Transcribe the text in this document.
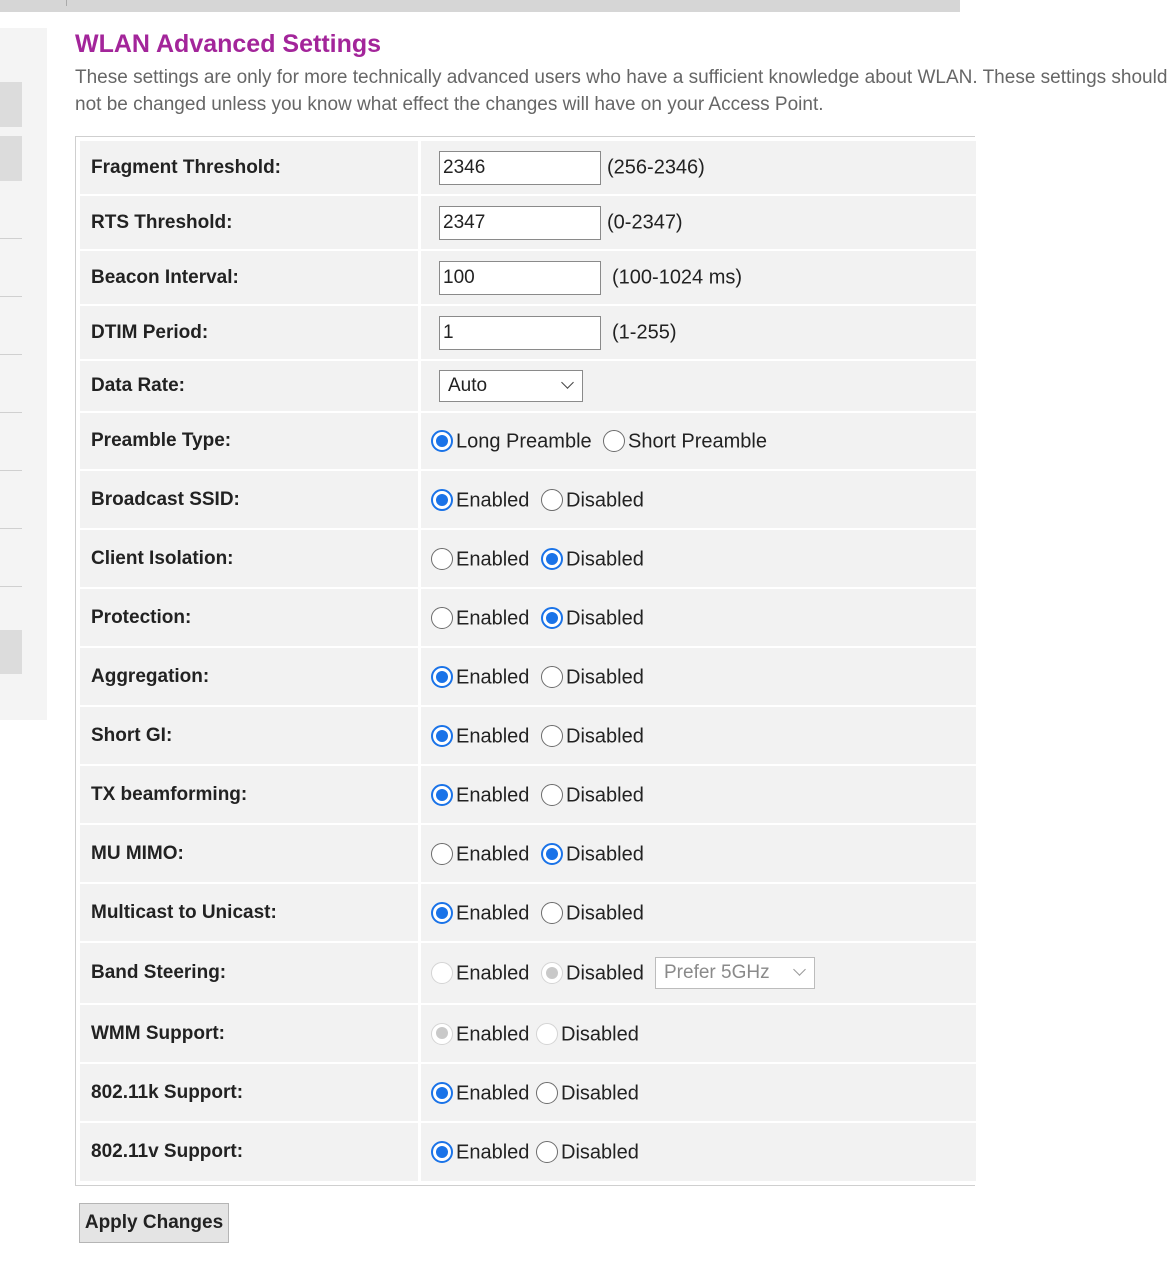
WLAN Advanced Settings
These settings are only for more technically advanced users who have a sufficient knowledge about WLAN. These settings should
not be changed unless you know what effect the changes will have on your Access Point.
Fragment Threshold:
2346	(256-2346)
RTS Threshold:
2347	(0-2347)
Beacon Interval:
100	(100-1024 ms)
DTIM Period:
1	(1-255)
Data Rate:	Auto
Preamble Type:	Long Preamble Short Preamble
Broadcast SSID:	Enabled Disabled
Client Isolation:	Enabled Disabled
Protection:	Enabled Disabled
Aggregation:	Enabled Disabled
Short GI:	Enabled Disabled
TX beamforming:	Enabled Disabled
MU MIMO:	Enabled Disabled
Multicast to Unicast:	Enabled Disabled
Band Steering:	Enabled Disabled Prefer 5GHz
WMM Support:	Enabled Disabled
802.11k Support:	Enabled Disabled
802.11v Support:	Enabled Disabled
Apply Changes
